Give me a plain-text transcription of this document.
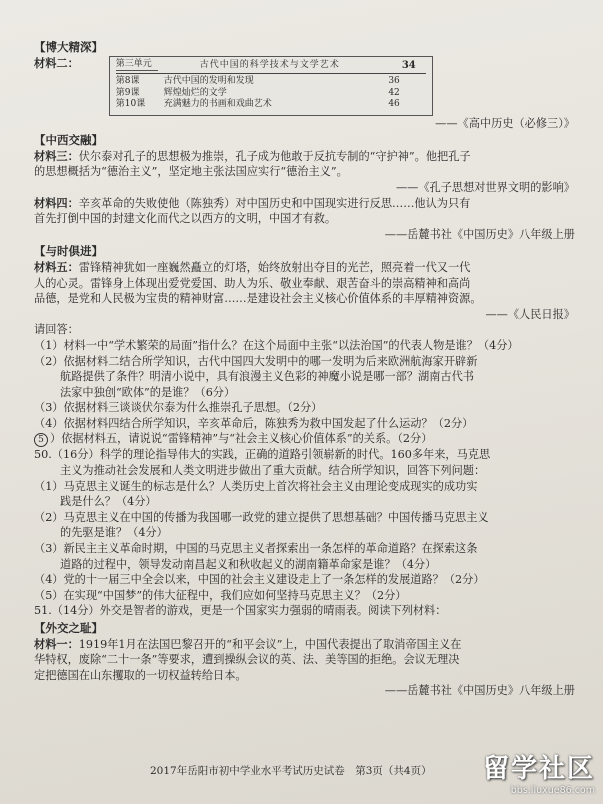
【博大精深】
材料二：	第三单元	古代中国的科学技术与文学艺术	34
第8课	古代中国的发明和发现	36
第9课	辉煌灿烂的文学	42
第10课	充满魅力的书画和戏曲艺术	46
——《高中历史（必修三）》
【中西交融】
材料三：伏尔泰对孔子的思想极为推崇，孔子成为他敢于反抗专制的“守护神”。他把孔子
的思想概括为“德治主义”，坚定地主张法国应实行“德治主义”。
——《孔子思想对世界文明的影响》
材料四：辛亥革命的失败使他（陈独秀）对中国历史和中国现实进行反思……他认为只有
首先打倒中国的封建文化而代之以西方的文明，中国才有救。
——岳麓书社《中国历史》八年级上册
【与时俱进】
材料五：雷锋精神犹如一座巍然矗立的灯塔，始终放射出夺目的光芒，照亮着一代又一代
人的心灵。雷锋身上体现出爱党爱国、助人为乐、敬业奉献、艰苦奋斗的崇高精神和高尚
品德，是党和人民极为宝贵的精神财富……是建设社会主义核心价值体系的丰厚精神资源。
——《人民日报》
请回答：
（1）材料一中“学术繁荣的局面”指什么？在这个局面中主张“以法治国”的代表人物是谁？（4分）
（2）依据材料二结合所学知识，古代中国四大发明中的哪一发明为后来欧洲航海家开辟新
航路提供了条件？明清小说中，具有浪漫主义色彩的神魔小说是哪一部？湖南古代书
法家中独创“欧体”的是谁？（6分）
（3）依据材料三谈谈伏尔泰为什么推崇孔子思想。（2分）
（4）依据材料四结合所学知识，辛亥革命后，陈独秀为救中国发起了什么运动？（2分）
5 ）依据材料五，请说说“雷锋精神”与“社会主义核心价值体系”的关系。（2分）
50.（16分）科学的理论指导伟大的实践，正确的道路引领崭新的时代。160多年来，马克思
主义为推动社会发展和人类文明进步做出了重大贡献。结合所学知识，回答下列问题：
（1）马克思主义诞生的标志是什么？人类历史上首次将社会主义由理论变成现实的成功实
践是什么？（4分）
（2）马克思主义在中国的传播为我国哪一政党的建立提供了思想基础？中国传播马克思主义
的先驱是谁？（4分）
（3）新民主主义革命时期，中国的马克思主义者探索出一条怎样的革命道路？在探索这条
道路的过程中，领导发动南昌起义和秋收起义的湖南籍革命家是谁？（4分）
（4）党的十一届三中全会以来，中国的社会主义建设走上了一条怎样的发展道路？（2分）
（5）在实现“中国梦”的伟大征程中，我们应如何坚持马克思主义？（2分）
51.（14分）外交是智者的游戏，更是一个国家实力强弱的晴雨表。阅读下列材料：
【外交之耻】
材料一：1919年1月在法国巴黎召开的“和平会议”上，中国代表提出了取消帝国主义在
华特权，废除“二十一条”等要求，遭到操纵会议的英、法、美等国的拒绝。会议无理决
定把德国在山东攫取的一切权益转给日本。
——岳麓书社《中国历史》八年级上册
2017年岳阳市初中学业水平考试历史试卷　第3页（共4页） 留学社区
bbs.liuxue86.com
